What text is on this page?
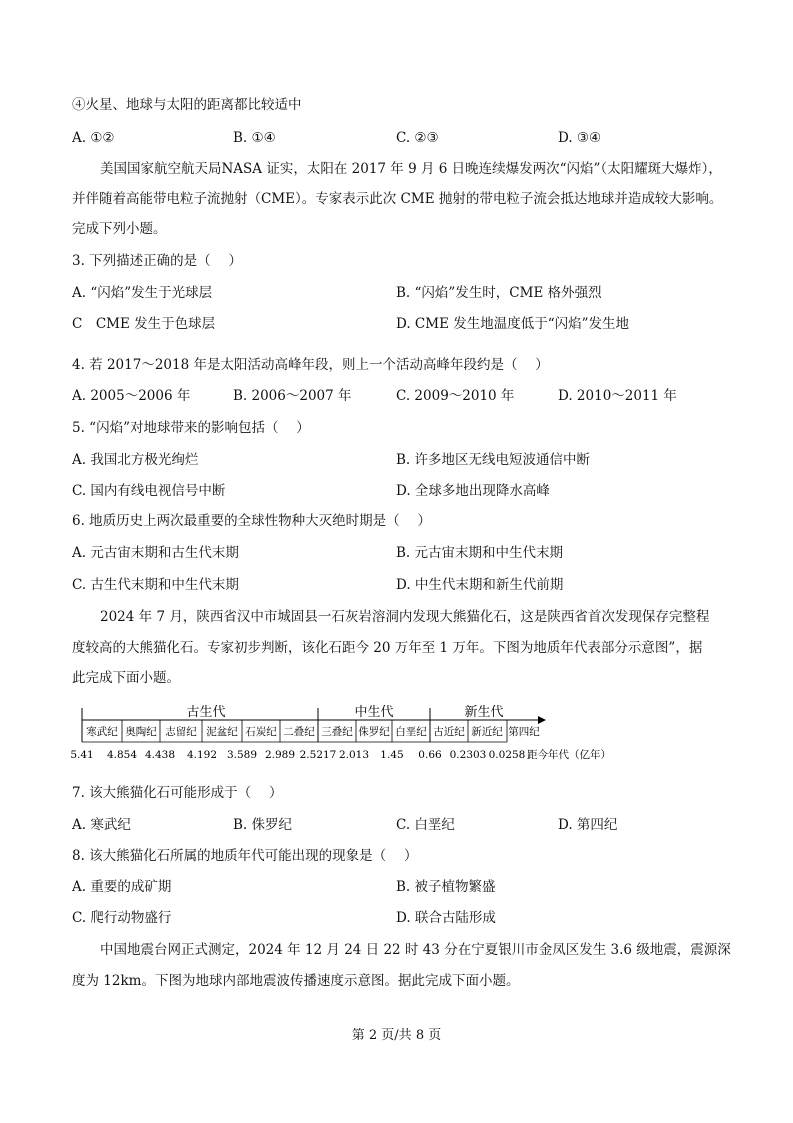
④火星、地球与太阳的距离都比较适中
A. ①②	B. ①④	C. ②③	D. ③④
美国国家航空航天局NASA 证实，太阳在 2017 年 9 月 6 日晚连续爆发两次“闪焰”（太阳耀斑大爆炸），
并伴随着高能带电粒子流抛射（CME）。专家表示此次 CME 抛射的带电粒子流会抵达地球并造成较大影响。
完成下列小题。
3. 下列描述正确的是（　 ）
A. “闪焰”发生于光球层	B. “闪焰”发生时，CME 格外强烈
C　CME 发生于色球层	D. CME 发生地温度低于“闪焰”发生地
4. 若 2017～2018 年是太阳活动高峰年段，则上一个活动高峰年段约是（　 ）
A. 2005～2006 年	B. 2006～2007 年	C. 2009～2010 年	D. 2010～2011 年
5. “闪焰”对地球带来的影响包括（　 ）
A. 我国北方极光绚烂	B. 许多地区无线电短波通信中断
C. 国内有线电视信号中断	D. 全球多地出现降水高峰
6. 地质历史上两次最重要的全球性物种大灭绝时期是（　 ）
A. 元古宙末期和古生代末期	B. 元古宙末期和中生代末期
C. 古生代末期和中生代末期	D. 中生代末期和新生代前期
2024 年 7 月，陕西省汉中市城固县一石灰岩溶洞内发现大熊猫化石，这是陕西省首次发现保存完整程
度较高的大熊猫化石。专家初步判断，该化石距今 20 万年至 1 万年。下图为地质年代表部分示意图”，据
此完成下面小题。
古生代	中生代	新生代
寒武纪 奥陶纪 志留纪 泥盆纪 石炭纪 二叠纪 三叠纪 侏罗纪 白垩纪 古近纪 新近纪 第四纪
5.41 4.854 4.438 4.192 3.589 2.989 2.5217 2.013 1.45 0.66 0.2303 0.0258 距今年代（亿年）
7. 该大熊猫化石可能形成于（　 ）
A. 寒武纪	B. 侏罗纪	C. 白垩纪	D. 第四纪
8. 该大熊猫化石所属的地质年代可能出现的现象是（　 ）
A. 重要的成矿期	B. 被子植物繁盛
C. 爬行动物盛行	D. 联合古陆形成
中国地震台网正式测定，2024 年 12 月 24 日 22 时 43 分在宁夏银川市金凤区发生 3.6 级地震，震源深
度为 12km。下图为地球内部地震波传播速度示意图。据此完成下面小题。
第 2 页/共 8 页
